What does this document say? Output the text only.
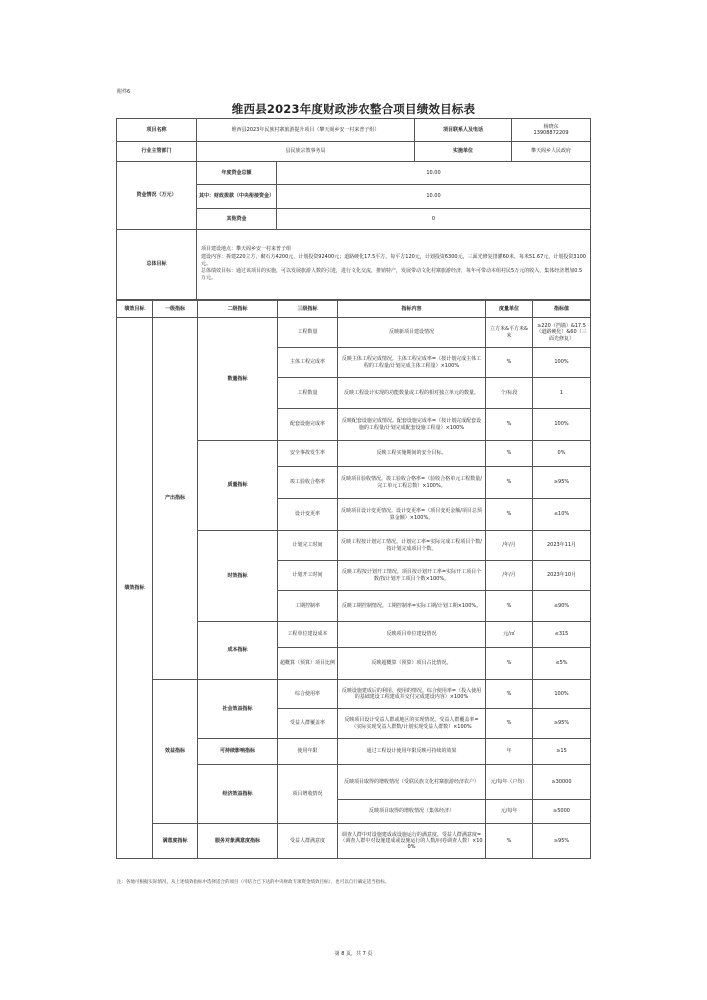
附件6
维西县2023年度财政涉农整合项目绩效目标表
项目名称	维西县2023年民族村寨旅游提升项目（攀天阁乡安一村来普子组）		项目联系人及电话	杨晓东
13908872209
行业主管部门	县民族宗教事务局		实施单位	攀天阁乡人民政府
资金情况（万元）	年度资金总额	10.00		
	其中：财政拨款（中央衔接资金）	10.00		
	其他资金	0		
总体目标	项目建设地点：攀天阁乡安一村来普子组
建设内容：拆建220立方，砌石方4200元，计划投资92400元；道路硬化17.5平方，每平方120元，计划投资6300元，三面光修复排灌60米，每米51.67元，计划投资3100元。
总体绩效目标：通过该项目的实施，可以发展旅游人数的引进，进行文化交流，推销特产，发展带动文化村寨旅游经济，每年可带动本组村民5万元的收入，集体经济增加0.5万元。			
绩效目标	一级指标	二级指标	三级指标	指标内容	度量单位	指标值
绩效指标	产出指标	数量指标	工程数量	反映新项目建设情况	立方米&平方米&米	≥220（挡墙）&17.5（道路硬化）&60（三面光修复）
			主体工程完成率	反映主体工程完成情况。主体工程完成率=（按计划完成主体工程的工程量/计划完成主体工程量）×100%	%	100%
			工程数量	反映工程设计实现的功能数量或工程的相对独立单元的数量。	个/标段	1
			配套设施完成率	反映配套设施完成情况。配套设施完成率=（按计划完成配套设施的工程量/计划完成配套设施工程量）×100%	%	100%
		质量指标	安全事故发生率	反映工程实施期间的安全目标。	%	0%
			竣工验收合格率	反映项目验收情况。竣工验收合格率=（验收合格单元工程数量/完工单元工程总数）×100%。	%	≥95%
			设计变更率	反映项目设计变更情况。设计变更率=（项目变更金额/项目总预算金额）×100%。	%	≤10%
		时效指标	计划完工时间	反映工程按计划完工情况。计划完工率=实际完成工程项目个数/按计划完成项目个数。	/年/月	2023年11月
			计划开工时间	反映工程按计划开工情况。项目按计划开工率=实际开工项目个数/按计划开工项目个数×100%。	/年/月	2023年10月
			工期控制率	反映工期控制情况。工期控制率=实际工期/计划工期×100%。	%	≤90%
		成本指标	工程单位建设成本	反映项目单位建设情况	元/㎡	≤315
			超概算（预算）项目比例	反映超概算（预算）项目占比情况。	%	≤5%
	效益指标	社会效益指标	综合使用率	反映设施建成后的利用、使用的情况。综合使用率=（投入使用的基础建设工程建成并交付完成建设内容）×100%	%	100%
			受益人群覆盖率	反映项目设计受益人群或地区的实现情况。受益人群覆盖率=（实际实现受益人群数/计划实现受益人群数）×100%	%	≥95%
		可持续影响指标	使用年限	通过工程设计使用年限反映可持续的效果	年	≥15
		经济效益指标	项目增收情况	反映项目取得的增收情况（受联民族文化村寨旅游经济农户）	元/每年（户均）	≥30000
				反映项目取得的增收情况（集体经济）	元/每年	≥5000
	满意度指标	服务对象满意度指标	受益人群满意度	调查人群中对设施建成或设施运行的满意度。受益人群满意度=（调查人群中对设施建成或设施运行的人数/问卷调查人数）×100%	%	≥95%
注：各地可根据实际情况，从上述绩效指标中选择适合的项目（可结合已下达的中央财政专项资金绩效目标），也可以自行确定适当指标。
第 8 页，共 7 页
